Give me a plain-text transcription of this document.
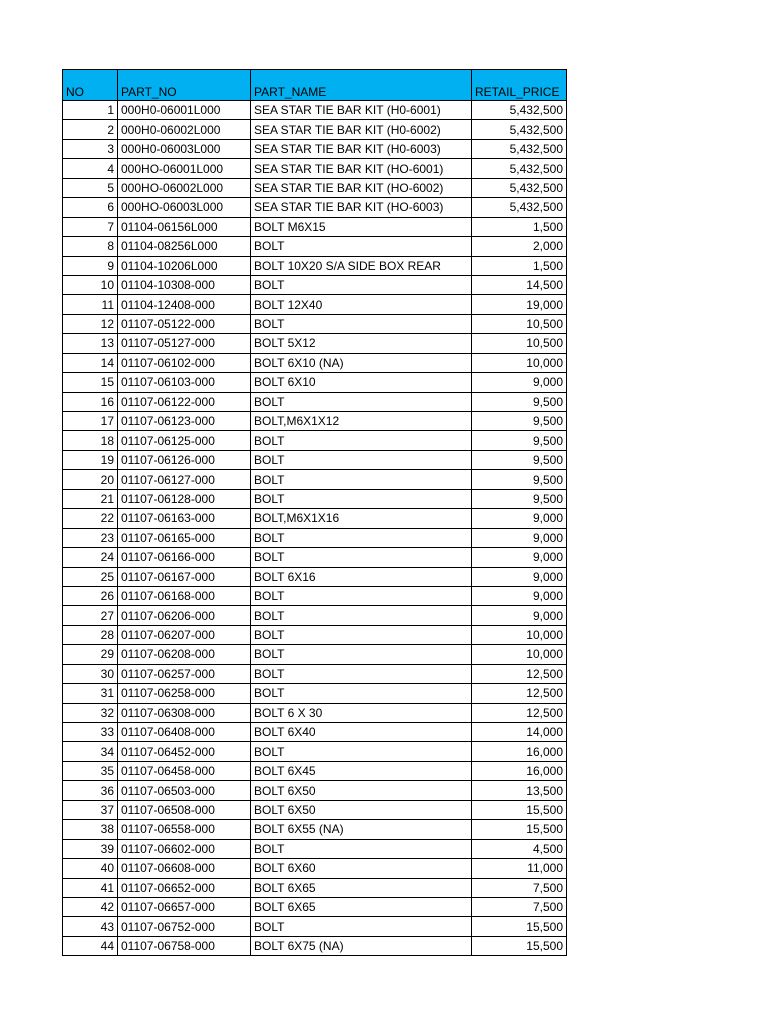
NO	PART_NO	PART_NAME	RETAIL_PRICE
1	000H0-06001L000	SEA STAR TIE BAR KIT (H0-6001)	5,432,500
2	000H0-06002L000	SEA STAR TIE BAR KIT (H0-6002)	5,432,500
3	000H0-06003L000	SEA STAR TIE BAR KIT (H0-6003)	5,432,500
4	000HO-06001L000	SEA STAR TIE BAR KIT (HO-6001)	5,432,500
5	000HO-06002L000	SEA STAR TIE BAR KIT (HO-6002)	5,432,500
6	000HO-06003L000	SEA STAR TIE BAR KIT (HO-6003)	5,432,500
7	01104-06156L000	BOLT M6X15	1,500
8	01104-08256L000	BOLT	2,000
9	01104-10206L000	BOLT 10X20 S/A SIDE BOX REAR	1,500
10	01104-10308-000	BOLT	14,500
11	01104-12408-000	BOLT 12X40	19,000
12	01107-05122-000	BOLT	10,500
13	01107-05127-000	BOLT 5X12	10,500
14	01107-06102-000	BOLT 6X10 (NA)	10,000
15	01107-06103-000	BOLT 6X10	9,000
16	01107-06122-000	BOLT	9,500
17	01107-06123-000	BOLT,M6X1X12	9,500
18	01107-06125-000	BOLT	9,500
19	01107-06126-000	BOLT	9,500
20	01107-06127-000	BOLT	9,500
21	01107-06128-000	BOLT	9,500
22	01107-06163-000	BOLT,M6X1X16	9,000
23	01107-06165-000	BOLT	9,000
24	01107-06166-000	BOLT	9,000
25	01107-06167-000	BOLT 6X16	9,000
26	01107-06168-000	BOLT	9,000
27	01107-06206-000	BOLT	9,000
28	01107-06207-000	BOLT	10,000
29	01107-06208-000	BOLT	10,000
30	01107-06257-000	BOLT	12,500
31	01107-06258-000	BOLT	12,500
32	01107-06308-000	BOLT 6 X 30	12,500
33	01107-06408-000	BOLT 6X40	14,000
34	01107-06452-000	BOLT	16,000
35	01107-06458-000	BOLT 6X45	16,000
36	01107-06503-000	BOLT 6X50	13,500
37	01107-06508-000	BOLT 6X50	15,500
38	01107-06558-000	BOLT 6X55 (NA)	15,500
39	01107-06602-000	BOLT	4,500
40	01107-06608-000	BOLT 6X60	11,000
41	01107-06652-000	BOLT 6X65	7,500
42	01107-06657-000	BOLT 6X65	7,500
43	01107-06752-000	BOLT	15,500
44	01107-06758-000	BOLT 6X75 (NA)	15,500
